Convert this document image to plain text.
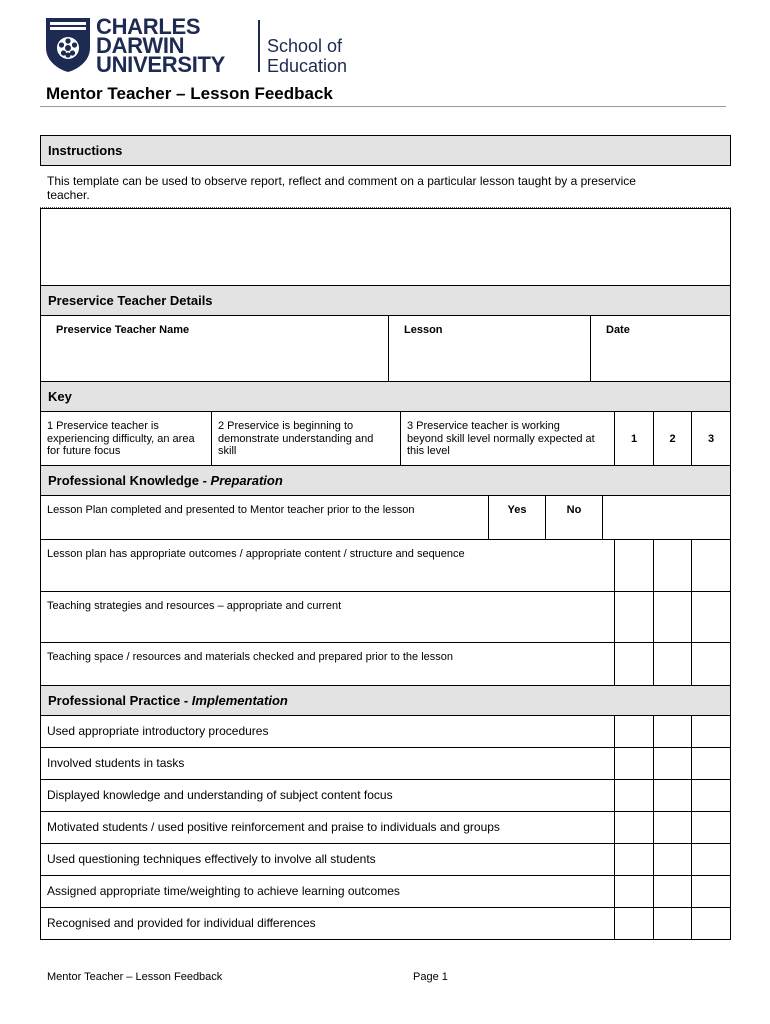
CHARLES
DARWIN
UNIVERSITY
School of
Education
Mentor Teacher – Lesson Feedback
Instructions
This template can be used to observe report, reflect and comment on a particular lesson taught by a preservice
teacher.
Preservice Teacher Details
Preservice Teacher Name	Lesson	Date
Key
1 Preservice teacher is
experiencing difficulty, an area
for future focus
2 Preservice is beginning to
demonstrate understanding and
skill
3 Preservice teacher is working
beyond skill level normally expected at
this level
1	2	3
Professional Knowledge - Preparation
Lesson Plan completed and presented to Mentor teacher prior to the lesson	Yes	No
Lesson plan has appropriate outcomes / appropriate content / structure and sequence
Teaching strategies and resources – appropriate and current
Teaching space / resources and materials checked and prepared prior to the lesson
Professional Practice - Implementation
Used appropriate introductory procedures
Involved students in tasks
Displayed knowledge and understanding of subject content focus
Motivated students / used positive reinforcement and praise to individuals and groups
Used questioning techniques effectively to involve all students
Assigned appropriate time/weighting to achieve learning outcomes
Recognised and provided for individual differences
Mentor Teacher – Lesson Feedback	Page 1
